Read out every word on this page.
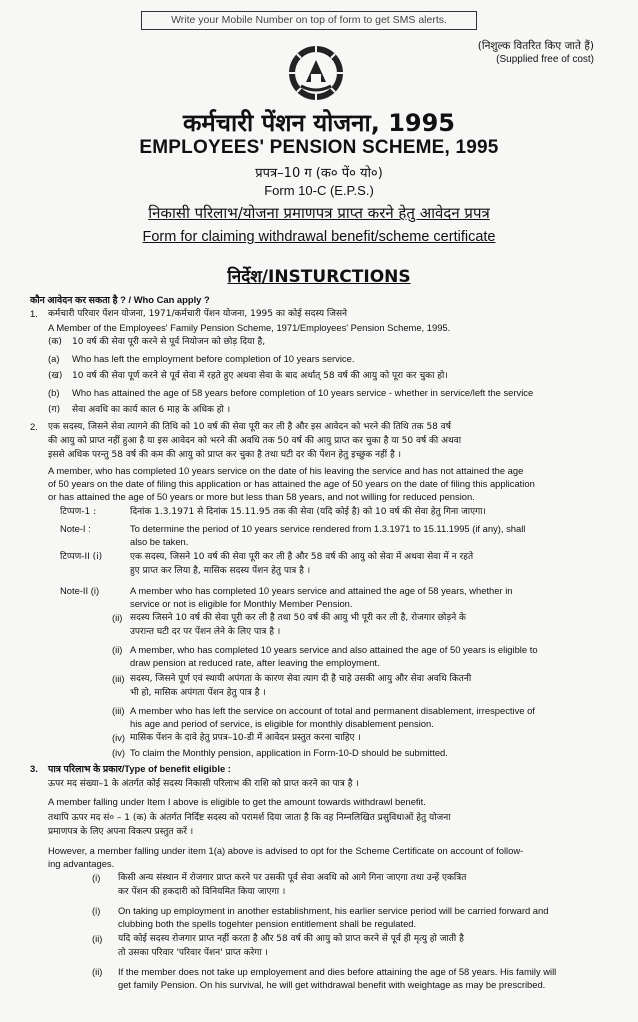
Write your Mobile Number on top of form to get SMS alerts.
(निशुल्क वितरित किए जाते हैं)
(Supplied free of cost)
कर्मचारी पेंशन योजना, 1995
EMPLOYEES' PENSION SCHEME, 1995
प्रपत्र–10 ग (क० पें० यो०)
Form 10-C (E.P.S.)
निकासी परिलाभ/योजना प्रमाणपत्र प्राप्त करने हेतु आवेदन प्रपत्र
Form for claiming withdrawal benefit/scheme certificate
निर्देश/INSTURCTIONS
कौन आवेदन कर सकता है ? / Who Can apply ?
1. कर्मचारी परिवार पेंशन योजना, 1971/कर्मचारी पेंशन योजना, 1995 का कोई सदस्य जिसने
A Member of the Employees' Family Pension Scheme, 1971/Employees' Pension Scheme, 1995.
(क) 10 वर्ष की सेवा पूरी करने से पूर्व नियोजन को छोड़ दिया है,
(a) Who has left the employment before completion of 10 years service.
(ख) 10 वर्ष की सेवा पूर्ण करने से पूर्व सेवा में रहते हुए अथवा सेवा के बाद अर्थात् 58 वर्ष की आयु को पूरा कर चुका हो।
(b) Who has attained the age of 58 years before completion of 10 years service - whether in service/left the service
(ग) सेवा अवधि का कार्य काल 6 माह के अधिक हो ।
2. एक सदस्य, जिसने सेवा त्यागने की तिथि को 10 वर्ष की सेवा पूरी कर ली है और इस आवेदन को भरने की तिथि तक 58 वर्ष
की आयु को प्राप्त नहीं हुआ है या इस आवेदन को भरने की अवधि तक 50 वर्ष की आयु प्राप्त कर चुका है या 50 वर्ष की अथवा
इससे अधिक परन्तु 58 वर्ष की कम की आयु को प्राप्त कर चुका है तथा घटी दर की पेंशन हेतु इच्छुक नहीं है ।
A member, who has completed 10 years service on the date of his leaving the service and has not attained the age
of 50 years on the date of filing this application or has attained the age of 50 years on the date of filing this application
or has attained the age of 50 years or more but less than 58 years, and not willing for reduced pension.
टिप्पण-1 :	दिनांक 1.3.1971 से दिनांक 15.11.95 तक की सेवा (यदि कोई है) को 10 वर्ष की सेवा हेतु गिना जाएगा।
Note-I :	To determine the period of 10 years service rendered from 1.3.1971 to 15.11.1995 (if any), shall
also be taken.
टिप्पण-II (i)	एक सदस्य, जिसने 10 वर्ष की सेवा पूरी कर ली है और 58 वर्ष की आयु को सेवा में अथवा सेवा में न रहते
हुए प्राप्त कर लिया है, मासिक सदस्य पेंशन हेतु पात्र है ।
Note-II (i)	A member who has completed 10 years service and attained the age of 58 years, whether in
service or not is eligible for Monthly Member Pension.
(ii) सदस्य जिसने 10 वर्ष की सेवा पूरी कर ली है तथा 50 वर्ष की आयु भी पूरी कर ली है, रोजगार छोड़ने के
उपरान्त घटी दर पर पेंशन लेने के लिए पात्र है ।
(ii) A member, who has completed 10 years service and also attained the age of 50 years is eligible to
draw pension at reduced rate, after leaving the employment.
(iii) सदस्य, जिसने पूर्ण एवं स्थायी अपंगता के कारण सेवा त्याग दी है चाहे उसकी आयु और सेवा अवधि कितनी
भी हो, मासिक अपंगता पेंशन हेतु पात्र है ।
(iii) A member who has left the service on account of total and permanent disablement, irrespective of
his age and period of service, is eligible for monthly disablement pension.
(iv) मासिक पेंशन के दावे हेतु प्रपत्र–10-डी में आवेदन प्रस्तुत करना चाहिए ।
(iv) To claim the Monthly pension, application in Form-10-D should be submitted.
3. पात्र परिलाभ के प्रकार/Type of benefit eligible :
ऊपर मद संख्या–1 के अंतर्गत कोई सदस्य निकासी परिलाभ की राशि को प्राप्त करने का पात्र है ।
A member falling under Item I above is eligible to get the amount towards withdrawl benefit.
तथापि ऊपर मद सं० – 1 (क) के अंतर्गत निर्दिष्ट सदस्य को परामर्श दिया जाता है कि वह निम्नलिखित प्रसुविधाओं हेतु योजना
प्रमाणपत्र के लिए अपना विकल्प प्रस्तुत करें ।
However, a member falling under item 1(a) above is advised to opt for the Scheme Certificate on account of follow-
ing advantages.
(i) किसी अन्य संस्थान में रोजगार प्राप्त करने पर उसकी पूर्व सेवा अवधि को आगे गिना जाएगा तथा उन्हें एकत्रित
कर पेंशन की हकदारी को विनियमित किया जाएगा ।
(i) On taking up employment in another establishment, his earlier service period will be carried forward and
clubbing both the spells togehter pension entitlement shall be regulated.
(ii) यदि कोई सदस्य रोजगार प्राप्त नहीं करता है और 58 वर्ष की आयु को प्राप्त करने से पूर्व ही मृत्यु हो जाती है
तो उसका परिवार 'परिवार पेंशन' प्राप्त करेगा ।
(ii) If the member does not take up employement and dies before attaining the age of 58 years. His family will
get family Pension. On his survival, he will get withdrawal benefit with weightage as may be prescribed.
